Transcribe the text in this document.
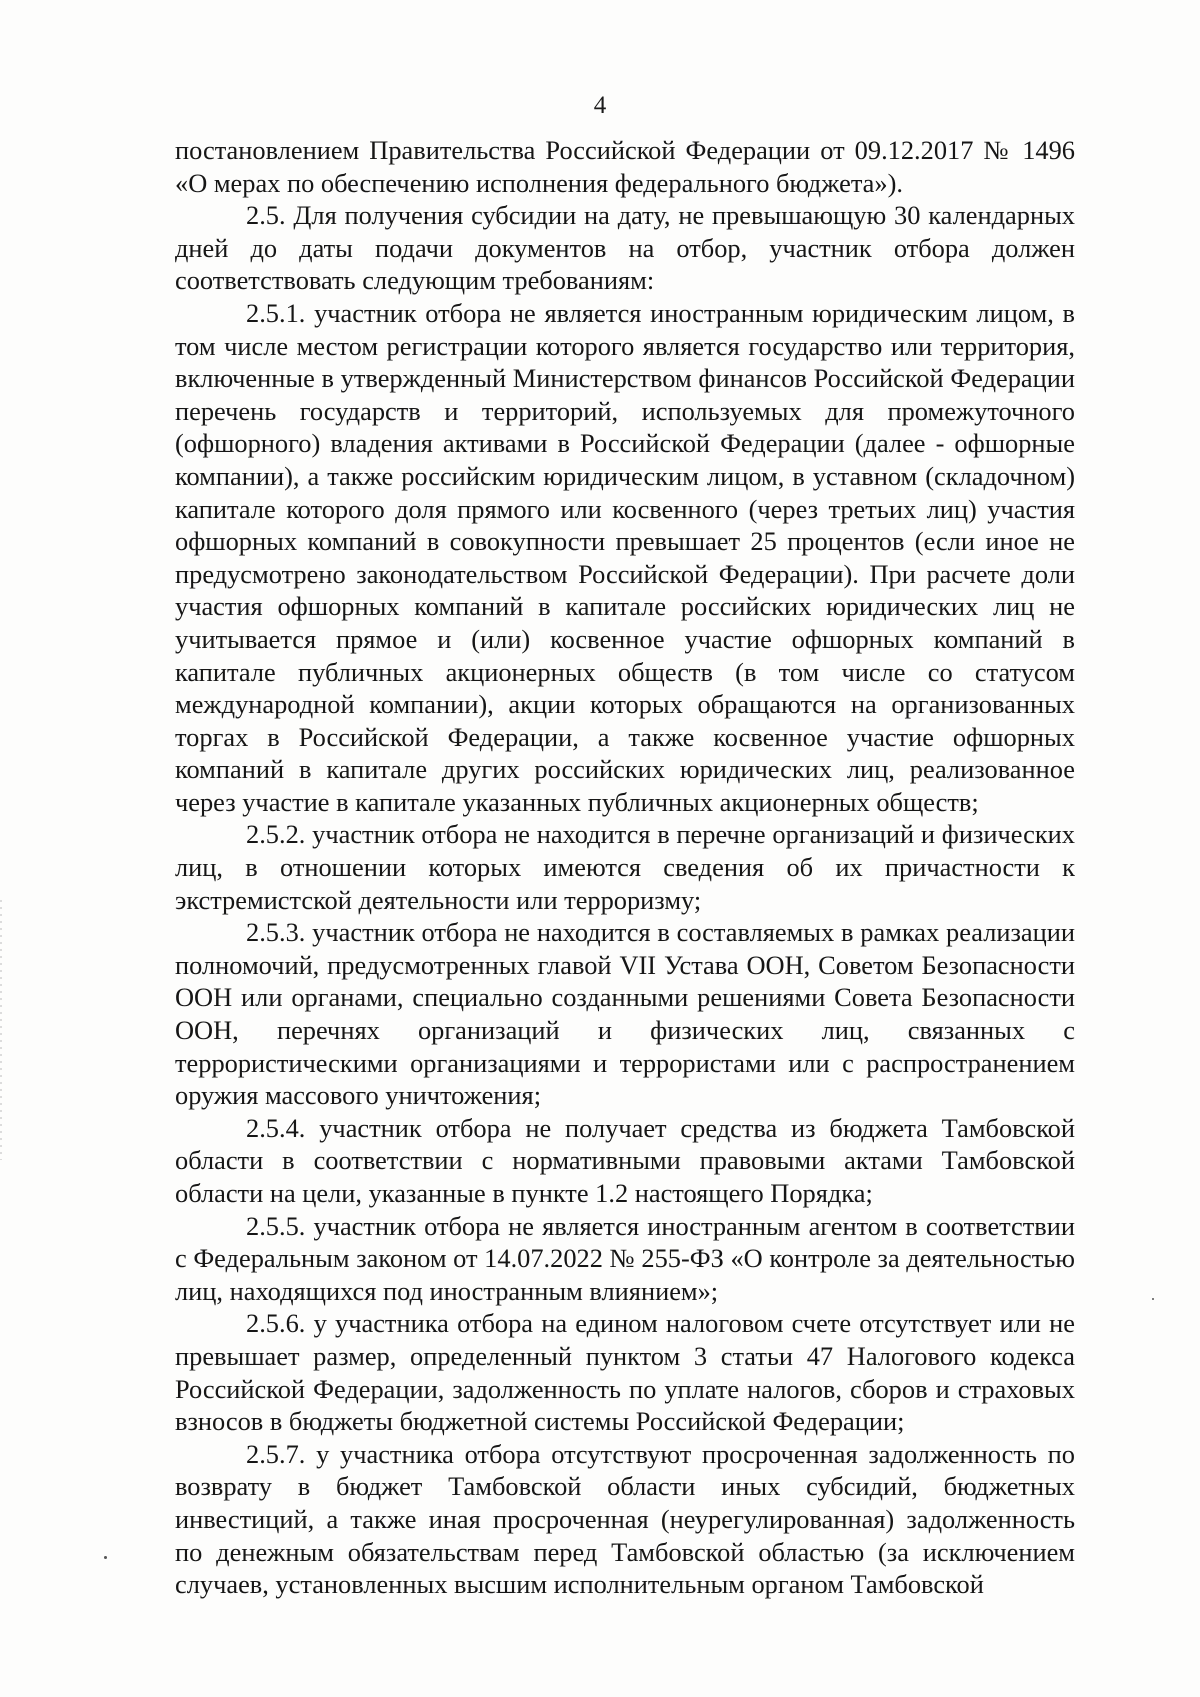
4

постановлением Правительства Российской Федерации от 09.12.2017 № 1496 «О мерах по обеспечению исполнения федерального бюджета»).

2.5. Для получения субсидии на дату, не превышающую 30 календарных дней до даты подачи документов на отбор, участник отбора должен соответствовать следующим требованиям:

2.5.1. участник отбора не является иностранным юридическим лицом, в том числе местом регистрации которого является государство или территория, включенные в утвержденный Министерством финансов Российской Федерации перечень государств и территорий, используемых для промежуточного (офшорного) владения активами в Российской Федерации (далее - офшорные компании), а также российским юридическим лицом, в уставном (складочном) капитале которого доля прямого или косвенного (через третьих лиц) участия офшорных компаний в совокупности превышает 25 процентов (если иное не предусмотрено законодательством Российской Федерации). При расчете доли участия офшорных компаний в капитале российских юридических лиц не учитывается прямое и (или) косвенное участие офшорных компаний в капитале публичных акционерных обществ (в том числе со статусом международной компании), акции которых обращаются на организованных торгах в Российской Федерации, а также косвенное участие офшорных компаний в капитале других российских юридических лиц, реализованное через участие в капитале указанных публичных акционерных обществ;

2.5.2. участник отбора не находится в перечне организаций и физических лиц, в отношении которых имеются сведения об их причастности к экстремистской деятельности или терроризму;

2.5.3. участник отбора не находится в составляемых в рамках реализации полномочий, предусмотренных главой VII Устава ООН, Советом Безопасности ООН или органами, специально созданными решениями Совета Безопасности ООН, перечнях организаций и физических лиц, связанных с террористическими организациями и террористами или с распространением оружия массового уничтожения;

2.5.4. участник отбора не получает средства из бюджета Тамбовской области в соответствии с нормативными правовыми актами Тамбовской области на цели, указанные в пункте 1.2 настоящего Порядка;

2.5.5. участник отбора не является иностранным агентом в соответствии с Федеральным законом от 14.07.2022 № 255-ФЗ «О контроле за деятельностью лиц, находящихся под иностранным влиянием»;

2.5.6. у участника отбора на едином налоговом счете отсутствует или не превышает размер, определенный пунктом 3 статьи 47 Налогового кодекса Российской Федерации, задолженность по уплате налогов, сборов и страховых взносов в бюджеты бюджетной системы Российской Федерации;

2.5.7. у участника отбора отсутствуют просроченная задолженность по возврату в бюджет Тамбовской области иных субсидий, бюджетных инвестиций, а также иная просроченная (неурегулированная) задолженность по денежным обязательствам перед Тамбовской областью (за исключением случаев, установленных высшим исполнительным органом Тамбовской
